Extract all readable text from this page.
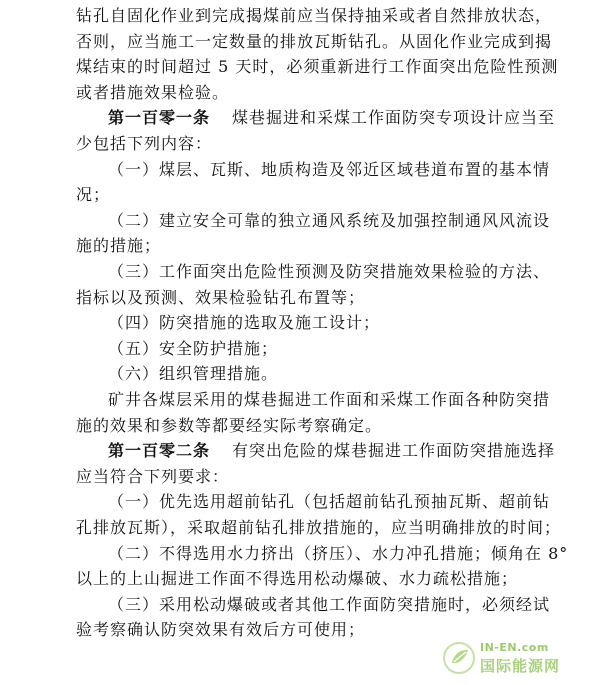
钻孔自固化作业到完成揭煤前应当保持抽采或者自然排放状态，
否则，应当施工一定数量的排放瓦斯钻孔。从固化作业完成到揭
煤结束的时间超过 5 天时，必须重新进行工作面突出危险性预测
或者措施效果检验。
第一百零一条 煤巷掘进和采煤工作面防突专项设计应当至
少包括下列内容：
（一）煤层、瓦斯、地质构造及邻近区域巷道布置的基本情
况；
（二）建立安全可靠的独立通风系统及加强控制通风风流设
施的措施；
（三）工作面突出危险性预测及防突措施效果检验的方法、
指标以及预测、效果检验钻孔布置等；
（四）防突措施的选取及施工设计；
（五）安全防护措施；
（六）组织管理措施。
矿井各煤层采用的煤巷掘进工作面和采煤工作面各种防突措
施的效果和参数等都要经实际考察确定。
第一百零二条 有突出危险的煤巷掘进工作面防突措施选择
应当符合下列要求：
（一）优先选用超前钻孔（包括超前钻孔预抽瓦斯、超前钻
孔排放瓦斯），采取超前钻孔排放措施的，应当明确排放的时间；
（二）不得选用水力挤出（挤压）、水力冲孔措施；倾角在 8°
以上的上山掘进工作面不得选用松动爆破、水力疏松措施；
（三）采用松动爆破或者其他工作面防突措施时，必须经试
验考察确认防突效果有效后方可使用；
IN-EN.com
国际能源网
